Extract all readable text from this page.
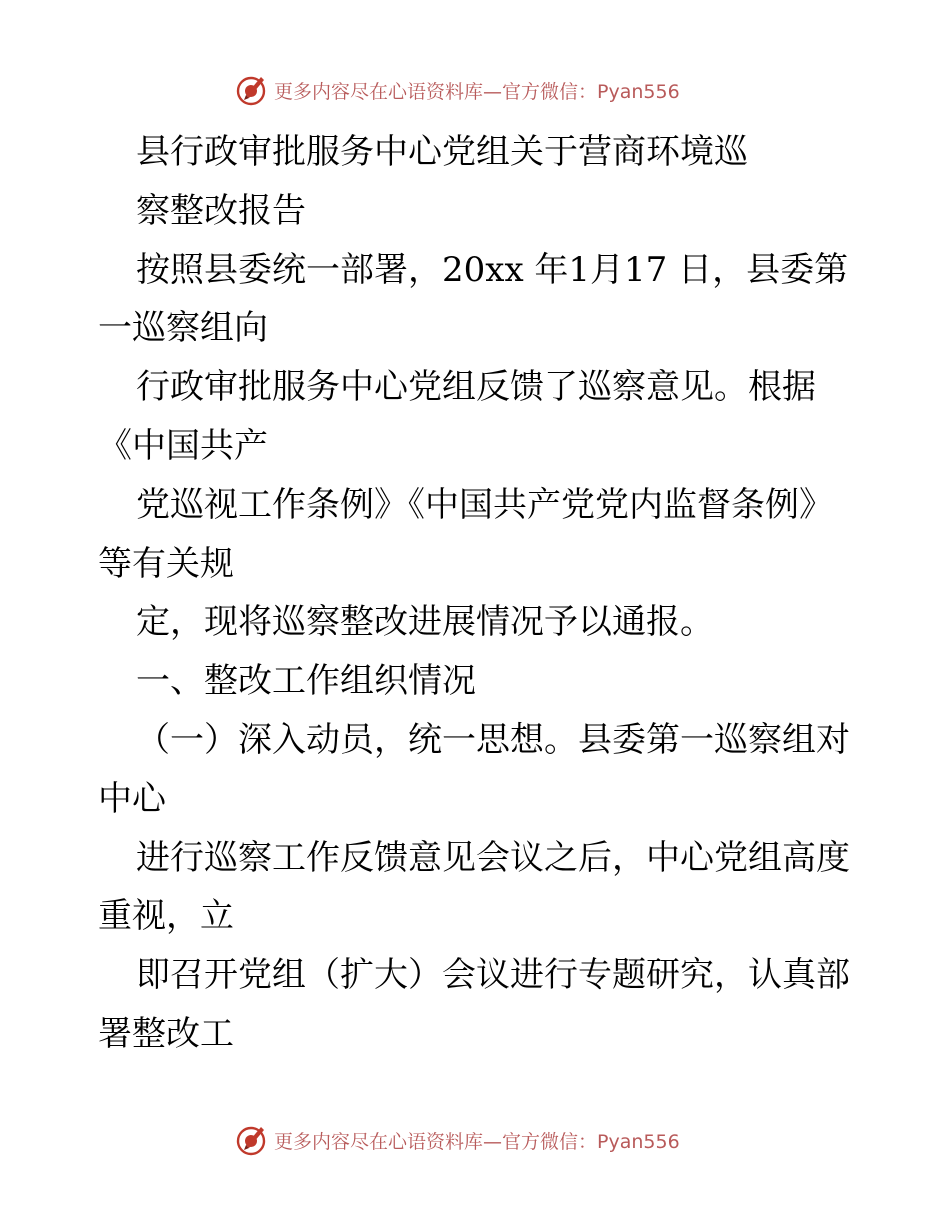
更多内容尽在心语资料库—官方微信：Pyan556
县行政审批服务中心党组关于营商环境巡
察整改报告
按照县委统一部署，20xx 年1月17 日，县委第
一巡察组向
行政审批服务中心党组反馈了巡察意见。根据
《中国共产
党巡视工作条例》《中国共产党党内监督条例》
等有关规
定，现将巡察整改进展情况予以通报。
一、整改工作组织情况
（一）深入动员，统一思想。县委第一巡察组对
中心
进行巡察工作反馈意见会议之后，中心党组高度
重视，立
即召开党组（扩大）会议进行专题研究，认真部
署整改工
更多内容尽在心语资料库—官方微信：Pyan556
